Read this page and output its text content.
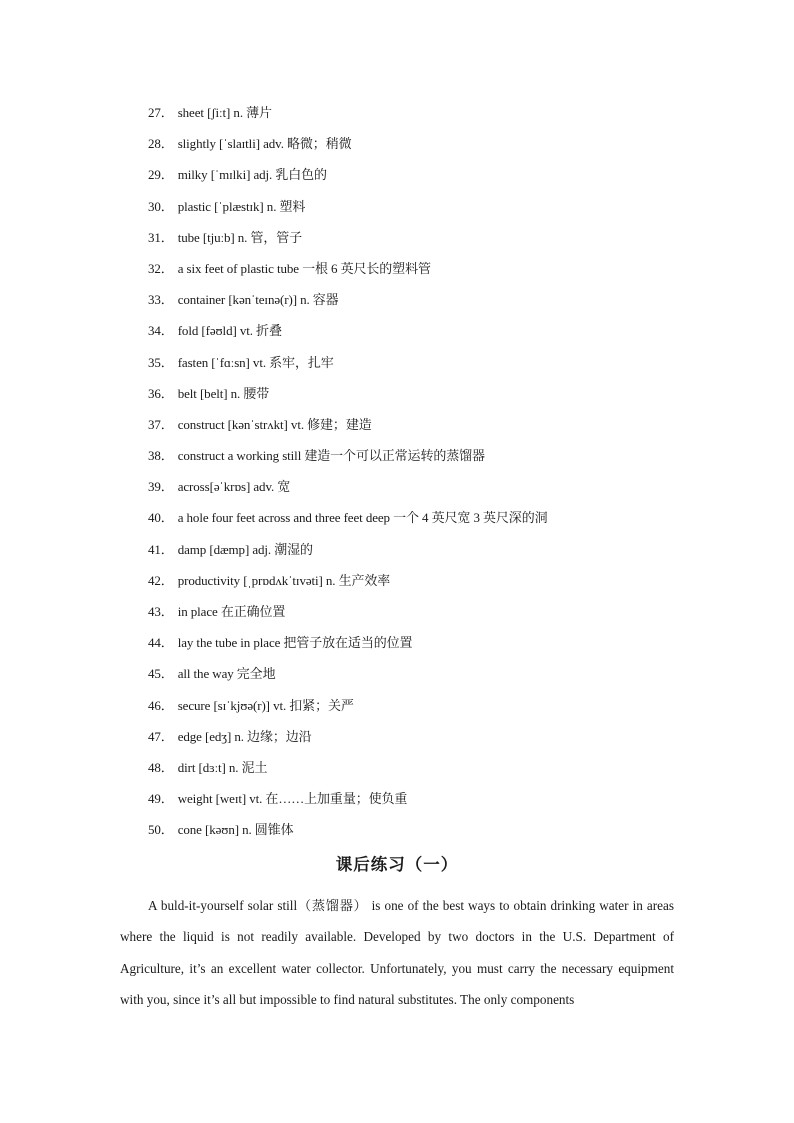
27． sheet [ʃiːt] n. 薄片
28． slightly [ˈslaɪtli] adv. 略微；稍微
29． milky [ˈmɪlki] adj. 乳白色的
30． plastic [ˈplæstɪk] n. 塑料
31． tube [tjuːb] n. 管，管子
32． a six feet of plastic tube 一根 6 英尺长的塑料管
33． container [kənˈteɪnə(r)] n. 容器
34． fold [fəʊld] vt. 折叠
35． fasten [ˈfɑːsn] vt. 系牢，扎牢
36． belt [belt] n. 腰带
37． construct [kənˈstrʌkt] vt. 修建；建造
38． construct a working still 建造一个可以正常运转的蒸馏器
39． across[əˈkrɒs] adv. 宽
40． a hole four feet across and three feet deep 一个 4 英尺宽 3 英尺深的洞
41． damp [dæmp] adj. 潮湿的
42． productivity [ˌprɒdʌkˈtɪvəti] n. 生产效率
43． in place 在正确位置
44． lay the tube in place 把管子放在适当的位置
45． all the way 完全地
46． secure [sɪˈkjʊə(r)] vt. 扣紧；关严
47． edge [edʒ] n. 边缘；边沿
48． dirt [dɜːt] n. 泥土
49． weight [weɪt] vt. 在……上加重量；使负重
50． cone [kəʊn] n. 圆锥体
课后练习（一）

A buld-it-yourself solar still（蒸馏器） is one of the best ways to obtain drinking water in areas where the liquid is not readily available. Developed by two doctors in the U.S. Department of Agriculture, it’s an excellent water collector. Unfortunately, you must carry the necessary equipment with you, since it’s all but impossible to find natural substitutes. The only components
